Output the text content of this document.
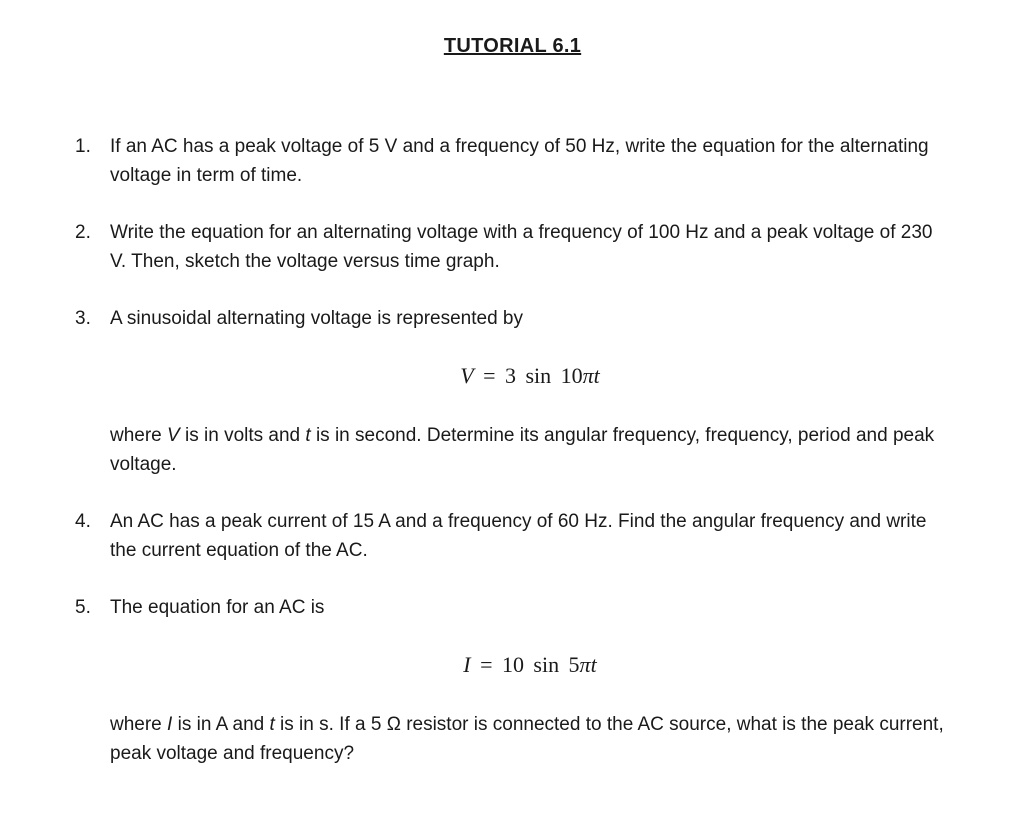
TUTORIAL 6.1
1.	If an AC has a peak voltage of 5 V and a frequency of 50 Hz, write the equation for the alternating voltage in term of time.

2.	Write the equation for an alternating voltage with a frequency of 100 Hz and a peak voltage of 230 V. Then, sketch the voltage versus time graph.

3.	A sinusoidal alternating voltage is represented by

V = 3 sin 10πt

where V is in volts and t is in second. Determine its angular frequency, frequency, period and peak voltage.

4.	An AC has a peak current of 15 A and a frequency of 60 Hz. Find the angular frequency and write the current equation of the AC.

5.	The equation for an AC is

I = 10 sin 5πt

where I is in A and t is in s. If a 5 Ω resistor is connected to the AC source, what is the peak current, peak voltage and frequency?
